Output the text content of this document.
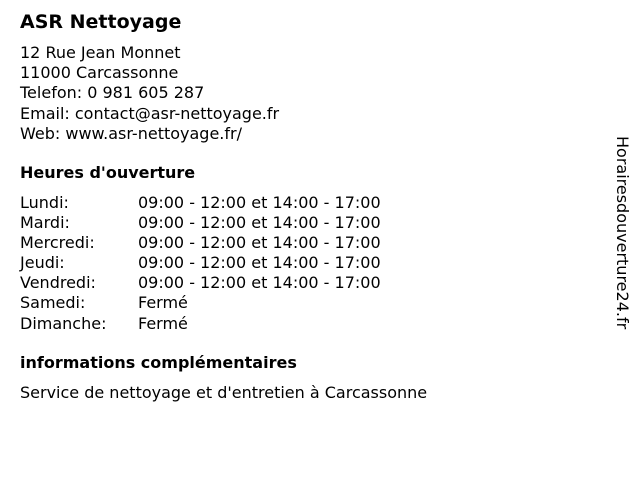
ASR Nettoyage
12 Rue Jean Monnet
11000 Carcassonne
Telefon: 0 981 605 287
Email: contact@asr-nettoyage.fr
Web: www.asr-nettoyage.fr/
Heures d'ouverture
Lundi:	09:00 - 12:00 et 14:00 - 17:00
Mardi:	09:00 - 12:00 et 14:00 - 17:00
Mercredi:	09:00 - 12:00 et 14:00 - 17:00
Jeudi:	09:00 - 12:00 et 14:00 - 17:00
Vendredi:	09:00 - 12:00 et 14:00 - 17:00
Samedi:	Fermé
Dimanche:	Fermé
informations complémentaires
Service de nettoyage et d'entretien à Carcassonne
Horairesdouverture24.fr
